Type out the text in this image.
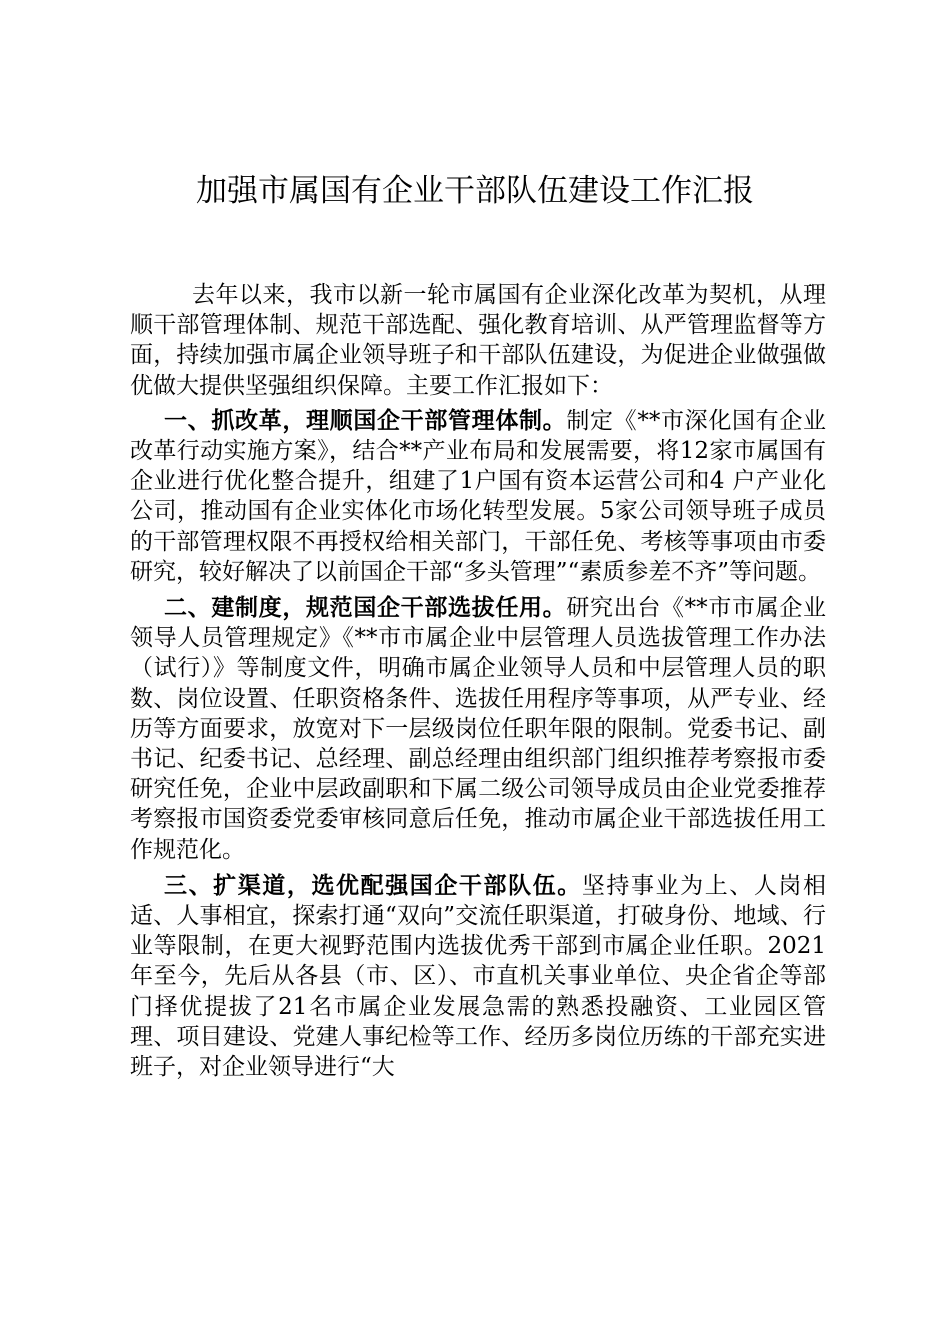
加强市属国有企业干部队伍建设工作汇报

去年以来，我市以新一轮市属国有企业深化改革为契机，从理顺干部管理体制、规范干部选配、强化教育培训、从严管理监督等方面，持续加强市属企业领导班子和干部队伍建设，为促进企业做强做优做大提供坚强组织保障。主要工作汇报如下：

一、抓改革，理顺国企干部管理体制。制定《**市深化国有企业改革行动实施方案》，结合**产业布局和发展需要，将12家市属国有企业进行优化整合提升，组建了1户国有资本运营公司和4 户产业化公司，推动国有企业实体化市场化转型发展。5家公司领导班子成员的干部管理权限不再授权给相关部门，干部任免、考核等事项由市委研究，较好解决了以前国企干部“多头管理”“素质参差不齐”等问题。

二、建制度，规范国企干部选拔任用。研究出台《**市市属企业领导人员管理规定》《**市市属企业中层管理人员选拔管理工作办法（试行）》等制度文件，明确市属企业领导人员和中层管理人员的职数、岗位设置、任职资格条件、选拔任用程序等事项，从严专业、经历等方面要求，放宽对下一层级岗位任职年限的限制。党委书记、副书记、纪委书记、总经理、副总经理由组织部门组织推荐考察报市委研究任免，企业中层政副职和下属二级公司领导成员由企业党委推荐考察报市国资委党委审核同意后任免，推动市属企业干部选拔任用工作规范化。

三、扩渠道，选优配强国企干部队伍。坚持事业为上、人岗相适、人事相宜，探索打通“双向”交流任职渠道，打破身份、地域、行业等限制，在更大视野范围内选拔优秀干部到市属企业任职。2021年至今，先后从各县（市、区）、市直机关事业单位、央企省企等部门择优提拔了21名市属企业发展急需的熟悉投融资、工业园区管理、项目建设、党建人事纪检等工作、经历多岗位历练的干部充实进班子，对企业领导进行“大
